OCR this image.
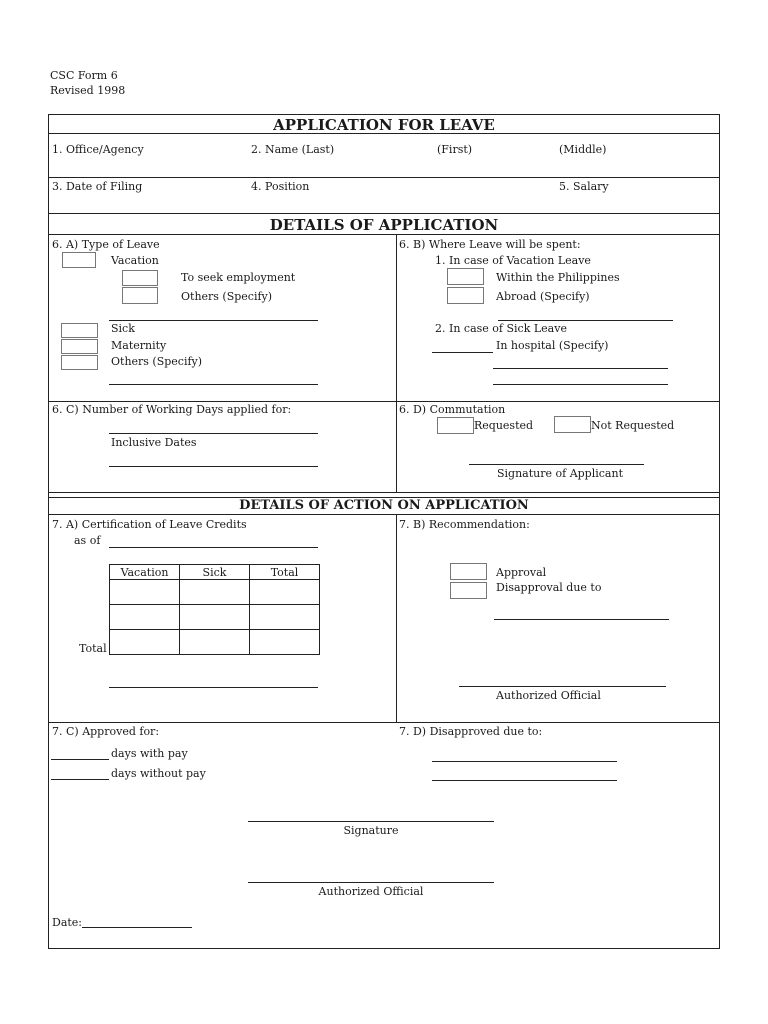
CSC Form 6
Revised 1998
APPLICATION FOR LEAVE
1. Office/Agency	2. Name (Last)	(First)	(Middle)
3. Date of Filing	4. Position	5. Salary
DETAILS OF APPLICATION
6. A) Type of Leave
Vacation
To seek employment
Others (Specify)
Sick
Maternity
Others (Specify)
6. B) Where Leave will be spent:
1. In case of Vacation Leave
Within the Philippines
Abroad (Specify)
2. In case of Sick Leave
In hospital (Specify)
6. C) Number of Working Days applied for:
Inclusive Dates
6. D) Commutation
Requested	Not Requested
Signature of Applicant
DETAILS OF ACTION ON APPLICATION
7. A) Certification of Leave Credits
as of
Vacation	Sick	Total

Total
7. B) Recommendation:
Approval
Disapproval due to
Authorized Official
7. C) Approved for:
days with pay
days without pay
7. D) Disapproved due to:
Signature
Authorized Official
Date:
